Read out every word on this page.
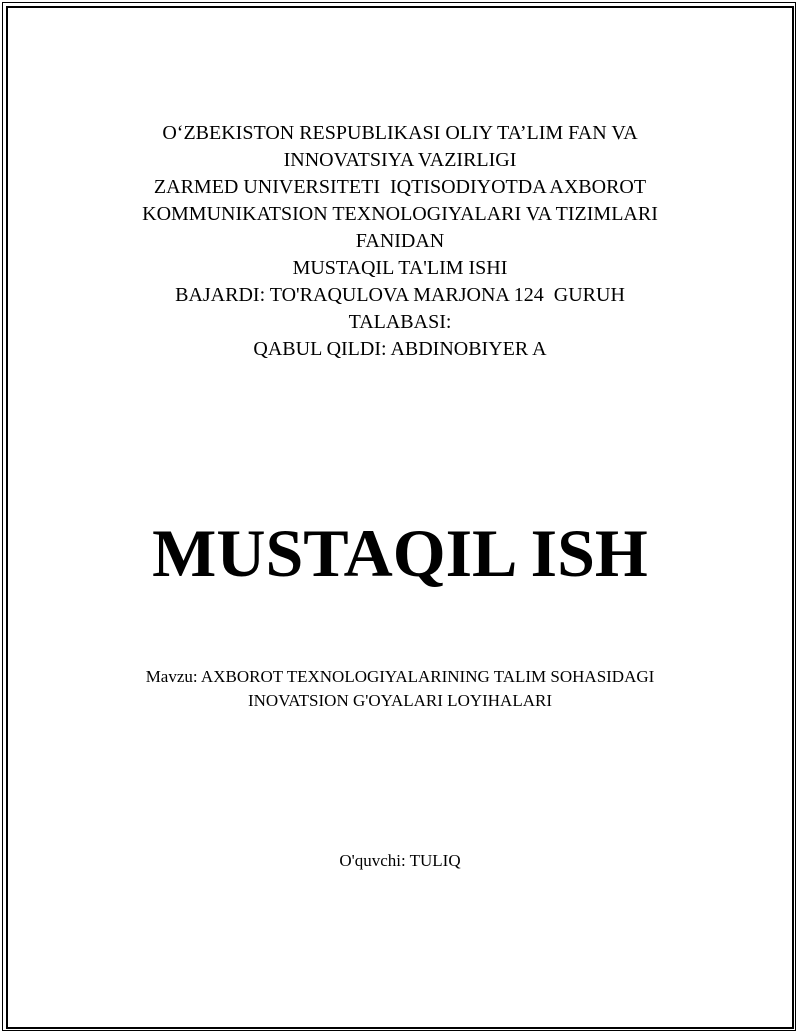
O‘ZBEKISTON RESPUBLIKASI OLIY TA’LIM FAN VA
INNOVATSIYA VAZIRLIGI
ZARMED UNIVERSITETI  IQTISODIYOTDA AXBOROT
KOMMUNIKATSION TEXNOLOGIYALARI VA TIZIMLARI
FANIDAN
MUSTAQIL TA'LIM ISHI
BAJARDI: TO'RAQULOVA MARJONA 124  GURUH
TALABASI:
QABUL QILDI: ABDINOBIYER A
MUSTAQIL ISH
Mavzu: AXBOROT TEXNOLOGIYALARINING TALIM SOHASIDAGI
INOVATSION G'OYALARI LOYIHALARI
O'quvchi: TULIQ
